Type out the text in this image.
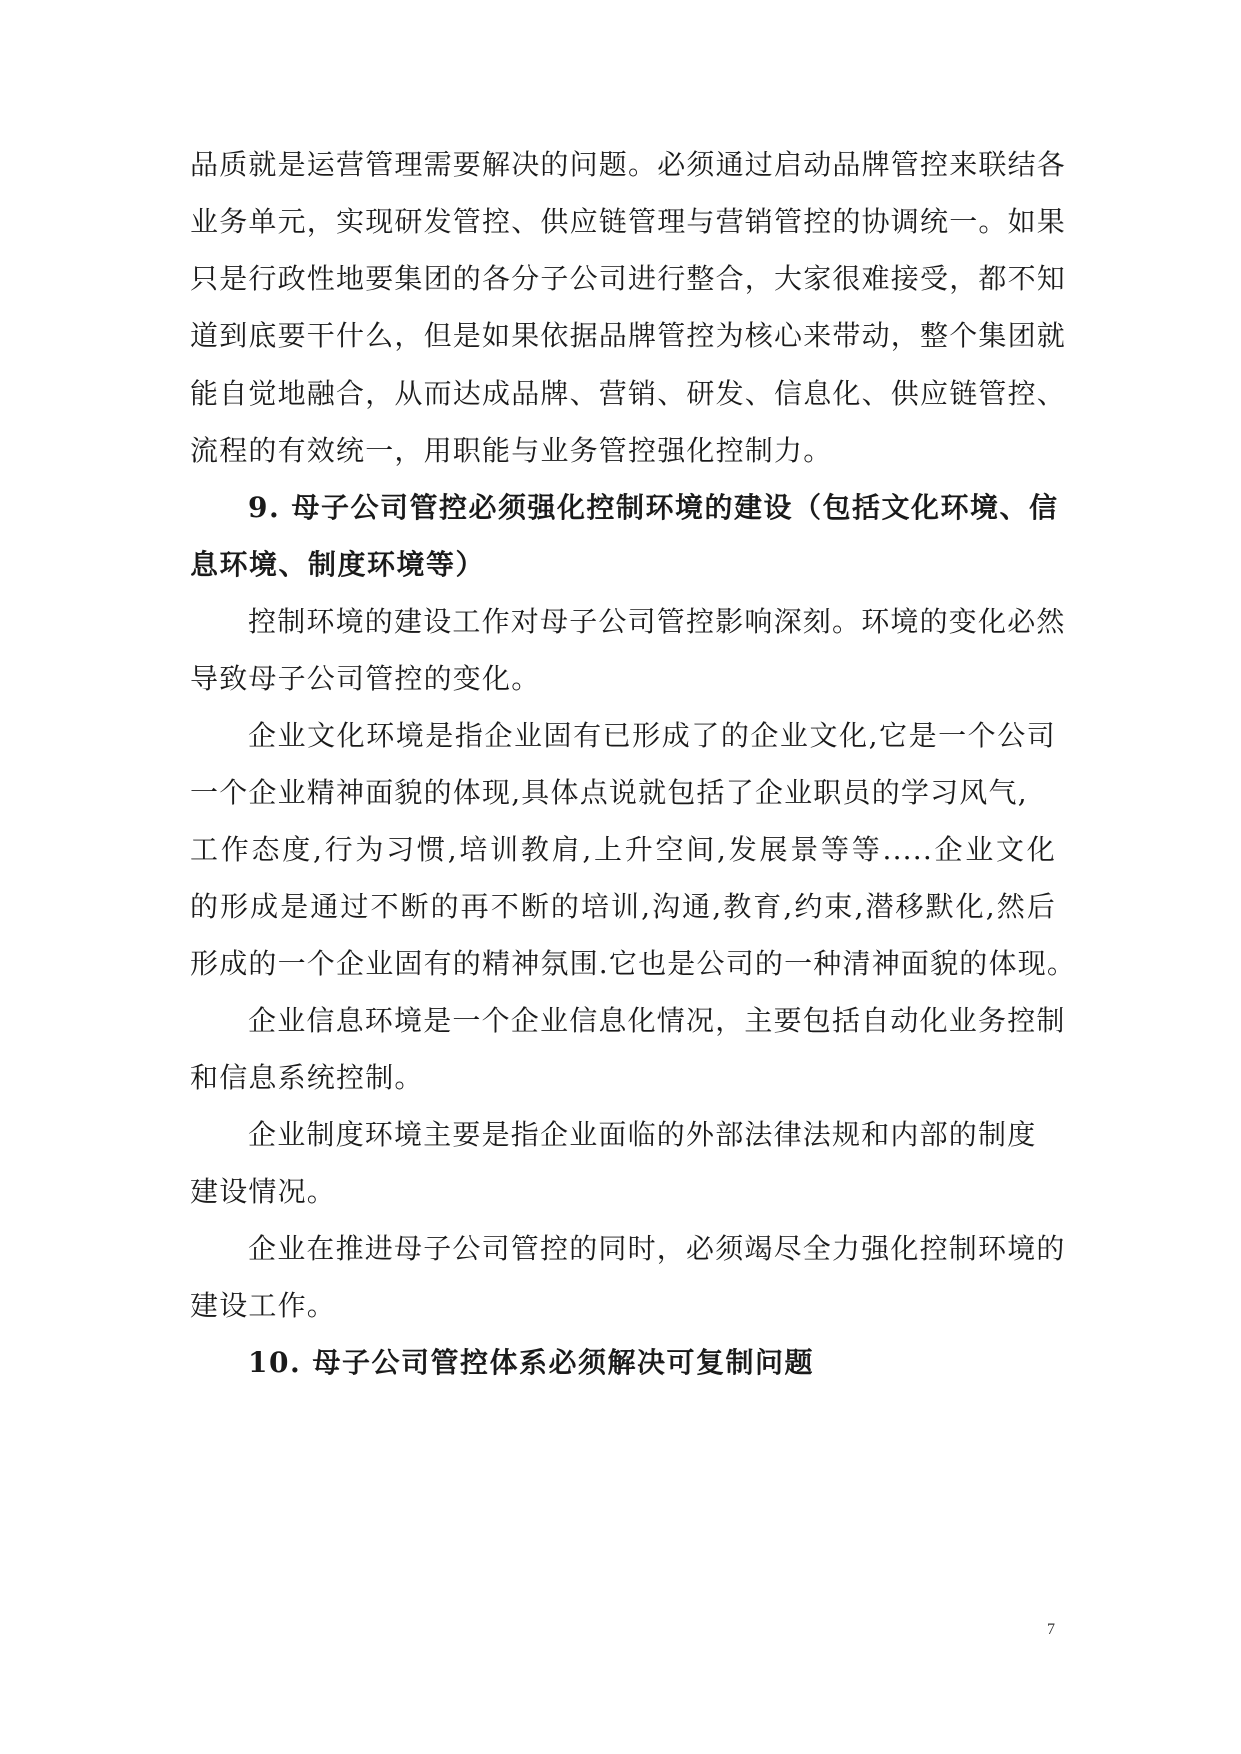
品质就是运营管理需要解决的问题。必须通过启动品牌管控来联结各
业务单元，实现研发管控、供应链管理与营销管控的协调统一。如果
只是行政性地要集团的各分子公司进行整合，大家很难接受，都不知
道到底要干什么，但是如果依据品牌管控为核心来带动，整个集团就
能自觉地融合，从而达成品牌、营销、研发、信息化、供应链管控、
流程的有效统一，用职能与业务管控强化控制力。
9. 母子公司管控必须强化控制环境的建设（包括文化环境、信
息环境、制度环境等）
控制环境的建设工作对母子公司管控影响深刻。环境的变化必然
导致母子公司管控的变化。
企业文化环境是指企业固有已形成了的企业文化,它是一个公司
一个企业精神面貌的体现,具体点说就包括了企业职员的学习风气,
工作态度,行为习惯,培训教肩,上升空间,发展景等等.....企业文化
的形成是通过不断的再不断的培训,沟通,教育,约束,潜移默化,然后
形成的一个企业固有的精神氛围.它也是公司的一种清神面貌的体现。
企业信息环境是一个企业信息化情况，主要包括自动化业务控制
和信息系统控制。
企业制度环境主要是指企业面临的外部法律法规和内部的制度
建设情况。
企业在推进母子公司管控的同时，必须竭尽全力强化控制环境的
建设工作。
10. 母子公司管控体系必须解决可复制问题
7
